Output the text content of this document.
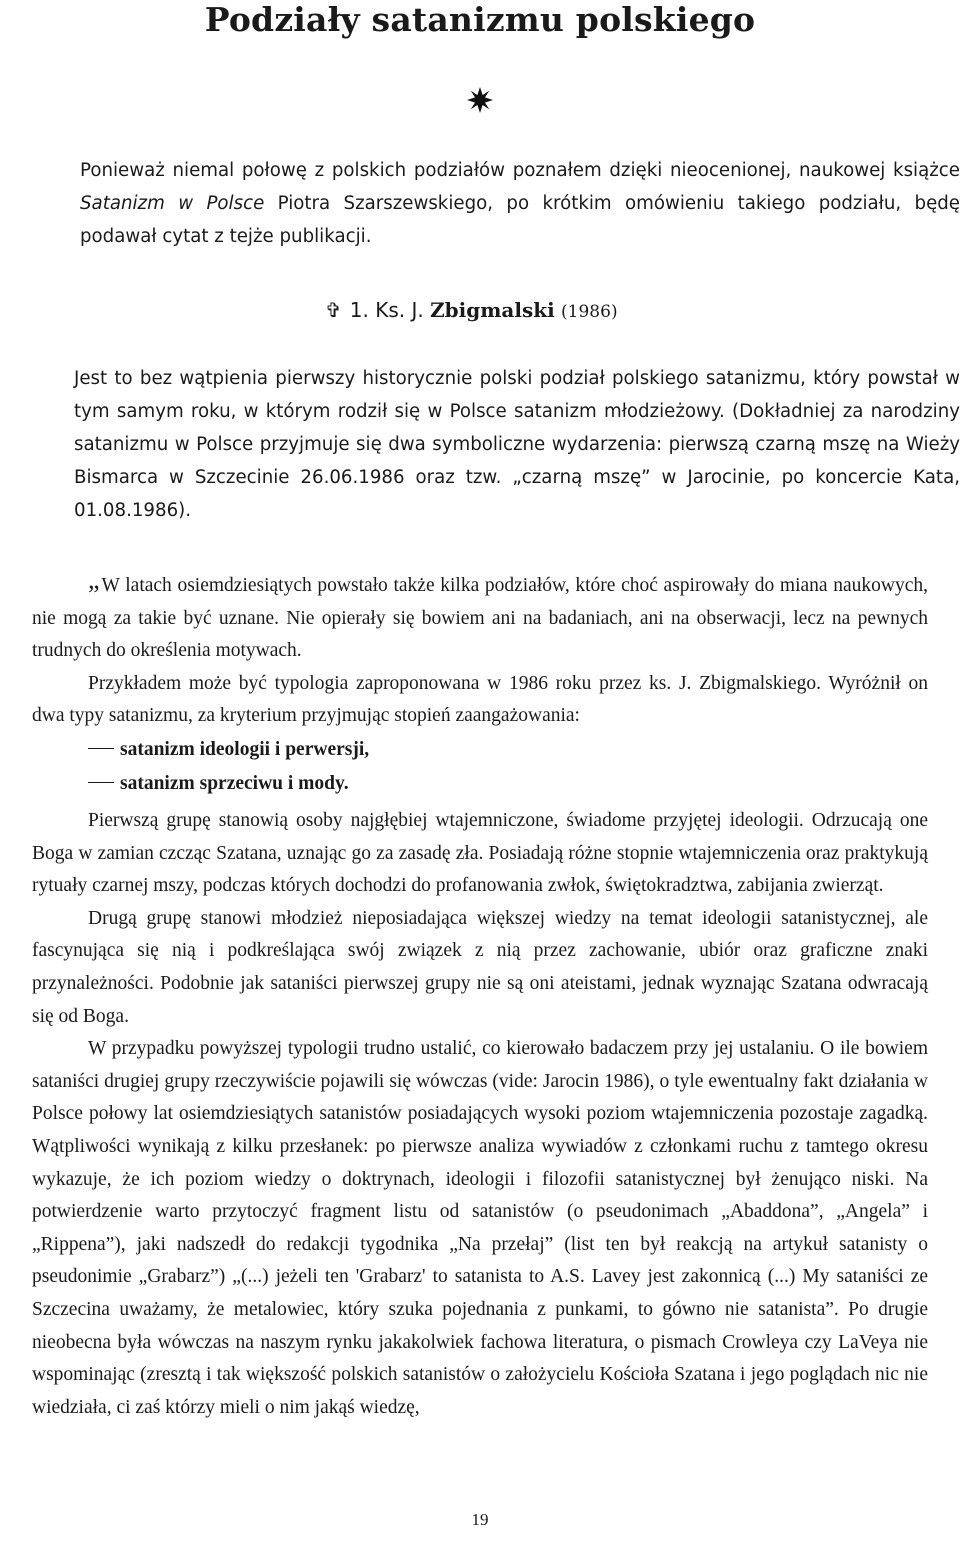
Podziały satanizmu polskiego
Ponieważ niemal połowę z polskich podziałów poznałem dzięki nieocenionej, naukowej książce Satanizm w Polsce Piotra Szarszewskiego, po krótkim omówieniu takiego podziału, będę podawał cytat z tejże publikacji.
✞ 1. Ks. J. Zbigmalski (1986)
Jest to bez wątpienia pierwszy historycznie polski podział polskiego satanizmu, który powstał w tym samym roku, w którym rodził się w Polsce satanizm młodzieżowy. (Dokładniej za narodziny satanizmu w Polsce przyjmuje się dwa symboliczne wydarzenia: pierwszą czarną mszę na Wieży Bismarca w Szczecinie 26.06.1986 oraz tzw. „czarną mszę” w Jarocinie, po koncercie Kata, 01.08.1986).
„ W latach osiemdziesiątych powstało także kilka podziałów, które choć aspirowały do miana naukowych, nie mogą za takie być uznane. Nie opierały się bowiem ani na badaniach, ani na obserwacji, lecz na pewnych trudnych do określenia motywach.
Przykładem może być typologia zaproponowana w 1986 roku przez ks. J. Zbigmalskiego. Wyróżnił on dwa typy satanizmu, za kryterium przyjmując stopień zaangażowania:
satanizm ideologii i perwersji,
satanizm sprzeciwu i mody.
Pierwszą grupę stanowią osoby najgłębiej wtajemniczone, świadome przyjętej ideologii. Odrzucają one Boga w zamian czcząc Szatana, uznając go za zasadę zła. Posiadają różne stopnie wtajemniczenia oraz praktykują rytuały czarnej mszy, podczas których dochodzi do profanowania zwłok, świętokradztwa, zabijania zwierząt.
Drugą grupę stanowi młodzież nieposiadająca większej wiedzy na temat ideologii satanistycznej, ale fascynująca się nią i podkreślająca swój związek z nią przez zachowanie, ubiór oraz graficzne znaki przynależności. Podobnie jak sataniści pierwszej grupy nie są oni ateistami, jednak wyznając Szatana odwracają się od Boga.
W przypadku powyższej typologii trudno ustalić, co kierowało badaczem przy jej ustalaniu. O ile bowiem sataniści drugiej grupy rzeczywiście pojawili się wówczas (vide: Jarocin 1986), o tyle ewentualny fakt działania w Polsce połowy lat osiemdziesiątych satanistów posiadających wysoki poziom wtajemniczenia pozostaje zagadką. Wątpliwości wynikają z kilku przesłanek: po pierwsze analiza wywiadów z członkami ruchu z tamtego okresu wykazuje, że ich poziom wiedzy o doktrynach, ideologii i filozofii satanistycznej był żenująco niski. Na potwierdzenie warto przytoczyć fragment listu od satanistów (o pseudonimach „Abaddona”, „Angela” i „Rippena”), jaki nadszedł do redakcji tygodnika „Na przełaj” (list ten był reakcją na artykuł satanisty o pseudonimie „Grabarz”) „(...) jeżeli ten 'Grabarz' to satanista to A.S. Lavey jest zakonnicą (...) My sataniści ze Szczecina uważamy, że metalowiec, który szuka pojednania z punkami, to gówno nie satanista”. Po drugie nieobecna była wówczas na naszym rynku jakakolwiek fachowa literatura, o pismach Crowleya czy LaVeya nie wspominając (zresztą i tak większość polskich satanistów o założycielu Kościoła Szatana i jego poglądach nic nie wiedziała, ci zaś którzy mieli o nim jakąś wiedzę,
19
